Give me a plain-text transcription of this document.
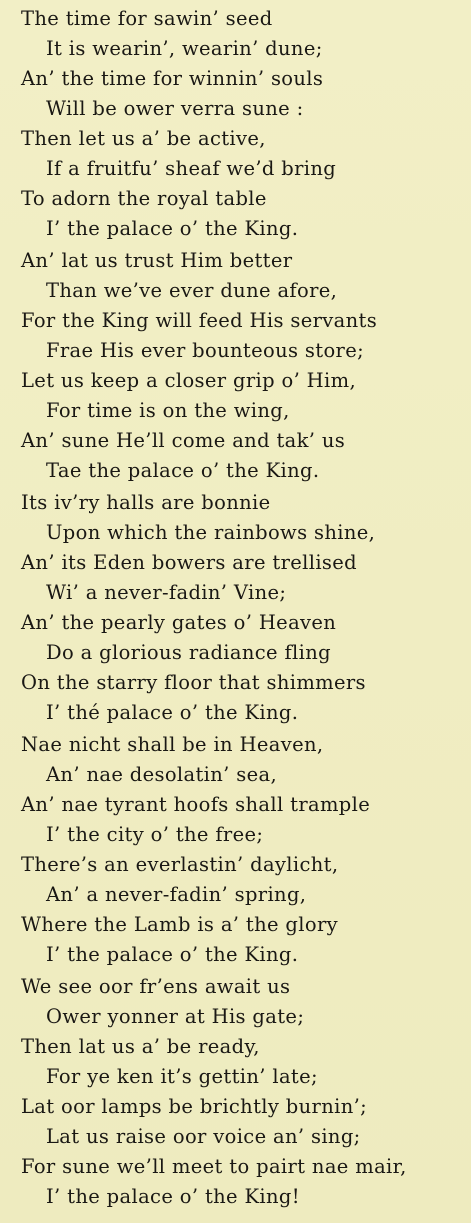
The time for sawin’ seed
It is wearin’, wearin’ dune;
An’ the time for winnin’ souls
Will be ower verra sune :
Then let us a’ be active,
If a fruitfu’ sheaf we’d bring
To adorn the royal table
I’ the palace o’ the King.
An’ lat us trust Him better
Than we’ve ever dune afore,
For the King will feed His servants
Frae His ever bounteous store;
Let us keep a closer grip o’ Him,
For time is on the wing,
An’ sune He’ll come and tak’ us
Tae the palace o’ the King.
Its iv’ry halls are bonnie
Upon which the rainbows shine,
An’ its Eden bowers are trellised
Wi’ a never-fadin’ Vine;
An’ the pearly gates o’ Heaven
Do a glorious radiance fling
On the starry floor that shimmers
I’ thé palace o’ the King.
Nae nicht shall be in Heaven,
An’ nae desolatin’ sea,
An’ nae tyrant hoofs shall trample
I’ the city o’ the free;
There’s an everlastin’ daylicht,
An’ a never-fadin’ spring,
Where the Lamb is a’ the glory
I’ the palace o’ the King.
We see oor fr’ens await us
Ower yonner at His gate;
Then lat us a’ be ready,
For ye ken it’s gettin’ late;
Lat oor lamps be brichtly burnin’;
Lat us raise oor voice an’ sing;
For sune we’ll meet to pairt nae mair,
I’ the palace o’ the King!
